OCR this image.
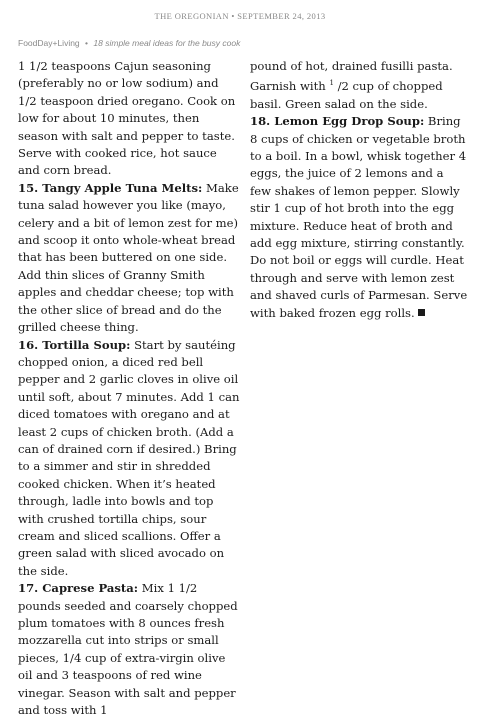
THE OREGONIAN • SEPTEMBER 24, 2013
FoodDay+Living • 18 simple meal ideas for the busy cook

1 1/2 teaspoons Cajun seasoning (preferably no or low sodium) and 1/2 teaspoon dried oregano. Cook on low for about 10 minutes, then season with salt and pepper to taste. Serve with cooked rice, hot sauce and corn bread.

15. Tangy Apple Tuna Melts: Make tuna salad however you like (mayo, celery and a bit of lemon zest for me) and scoop it onto whole-wheat bread that has been buttered on one side. Add thin slices of Granny Smith apples and cheddar cheese; top with the other slice of bread and do the grilled cheese thing.

16. Tortilla Soup: Start by sautéing chopped onion, a diced red bell pepper and 2 garlic cloves in olive oil until soft, about 7 minutes. Add 1 can diced tomatoes with oregano and at least 2 cups of chicken broth. (Add a can of drained corn if desired.) Bring to a simmer and stir in shredded cooked chicken. When it’s heated through, ladle into bowls and top with crushed tortilla chips, sour cream and sliced scallions. Offer a green salad with sliced avocado on the side.

17. Caprese Pasta: Mix 1 1/2 pounds seeded and coarsely chopped plum tomatoes with 8 ounces fresh mozzarella cut into strips or small pieces, 1/4 cup of extra-virgin olive oil and 3 teaspoons of red wine vinegar. Season with salt and pepper and toss with 1

pound of hot, drained fusilli pasta.

Garnish with $^1$ /2 cup of chopped basil. Green salad on the side.

18. Lemon Egg Drop Soup: Bring 8 cups of chicken or vegetable broth to a boil. In a bowl, whisk together 4 eggs, the juice of 2 lemons and a few shakes of lemon pepper. Slowly stir 1 cup of hot broth into the egg mixture. Reduce heat of broth and add egg mixture, stirring constantly. Do not boil or eggs will curdle. Heat through and serve with lemon zest and shaved curls of Parmesan. Serve with baked frozen egg rolls.
